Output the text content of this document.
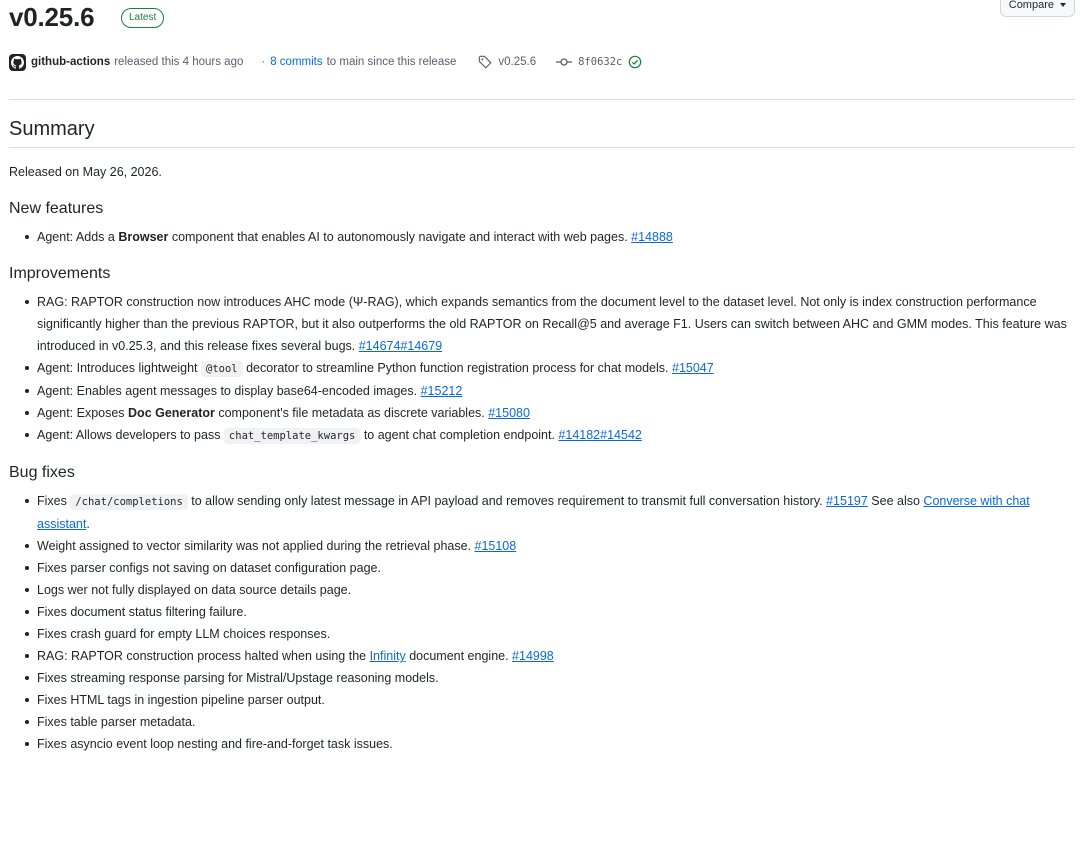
v0.25.6	Latest
Compare
github-actions released this 4 hours ago · 8 commits to main since this release	v0.25.6	8f0632c
Summary

Released on May 26, 2026.

New features
Agent: Adds a Browser component that enables AI to autonomously navigate and interact with web pages. #14888
Improvements
RAG: RAPTOR construction now introduces AHC mode (Ψ-RAG), which expands semantics from the document level to the dataset level. Not only is index construction performance significantly higher than the previous RAPTOR, but it also outperforms the old RAPTOR on Recall@5 and average F1. Users can switch between AHC and GMM modes. This feature was introduced in v0.25.3, and this release fixes several bugs. #14674#14679
Agent: Introduces lightweight @tool decorator to streamline Python function registration process for chat models. #15047
Agent: Enables agent messages to display base64-encoded images. #15212
Agent: Exposes Doc Generator component's file metadata as discrete variables. #15080
Agent: Allows developers to pass chat_template_kwargs to agent chat completion endpoint. #14182#14542
Bug fixes
Fixes /chat/completions to allow sending only latest message in API payload and removes requirement to transmit full conversation history. #15197 See also Converse with chat assistant.
Weight assigned to vector similarity was not applied during the retrieval phase. #15108
Fixes parser configs not saving on dataset configuration page.
Logs wer not fully displayed on data source details page.
Fixes document status filtering failure.
Fixes crash guard for empty LLM choices responses.
RAG: RAPTOR construction process halted when using the Infinity document engine. #14998
Fixes streaming response parsing for Mistral/Upstage reasoning models.
Fixes HTML tags in ingestion pipeline parser output.
Fixes table parser metadata.
Fixes asyncio event loop nesting and fire-and-forget task issues.
